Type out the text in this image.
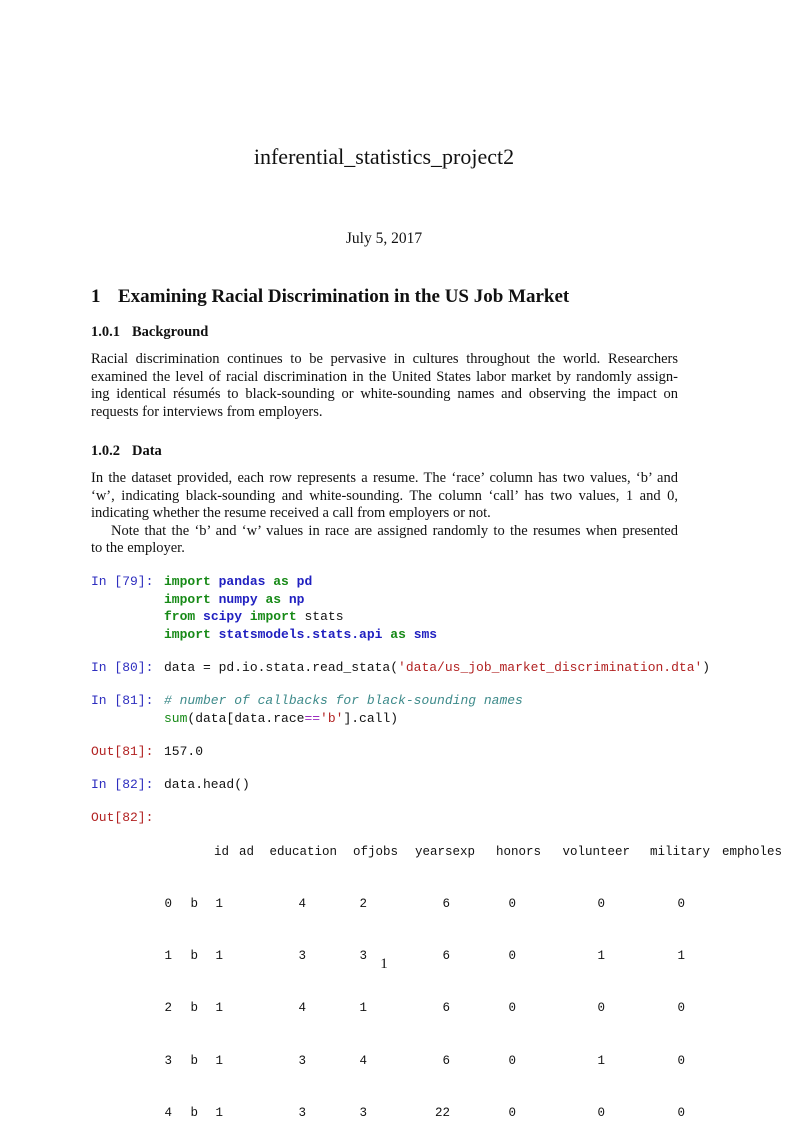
inferential_statistics_project2
July 5, 2017
1 Examining Racial Discrimination in the US Job Market
1.0.1 Background
Racial discrimination continues to be pervasive in cultures throughout the world. Researchers
examined the level of racial discrimination in the United States labor market by randomly assign-
ing identical résumés to black-sounding or white-sounding names and observing the impact on
requests for interviews from employers.
1.0.2 Data
In the dataset provided, each row represents a resume. The ‘race’ column has two values, ‘b’ and
‘w’, indicating black-sounding and white-sounding. The column ‘call’ has two values, 1 and 0,
indicating whether the resume received a call from employers or not.
Note that the ‘b’ and ‘w’ values in race are assigned randomly to the resumes when presented
to the employer.
In [79]: import pandas as pd
import numpy as np
from scipy import stats
import statsmodels.stats.api as sms
In [80]: data = pd.io.stata.read_stata('data/us_job_market_discrimination.dta')
In [81]: # number of callbacks for black-sounding names
sum(data[data.race=='b'].call)
Out[81]: 157.0
In [82]: data.head()
Out[82]:

id ad education ofjobs yearsexp honors volunteer military empholes

0 b 1	4	2	6	0	0	0

1 b 1	3	3	6	0	1	1

2 b 1	4	1	6	0	0	0

3 b 1	3	4	6	0	1	0

4 b 1	3	3	22	0	0	0

1
